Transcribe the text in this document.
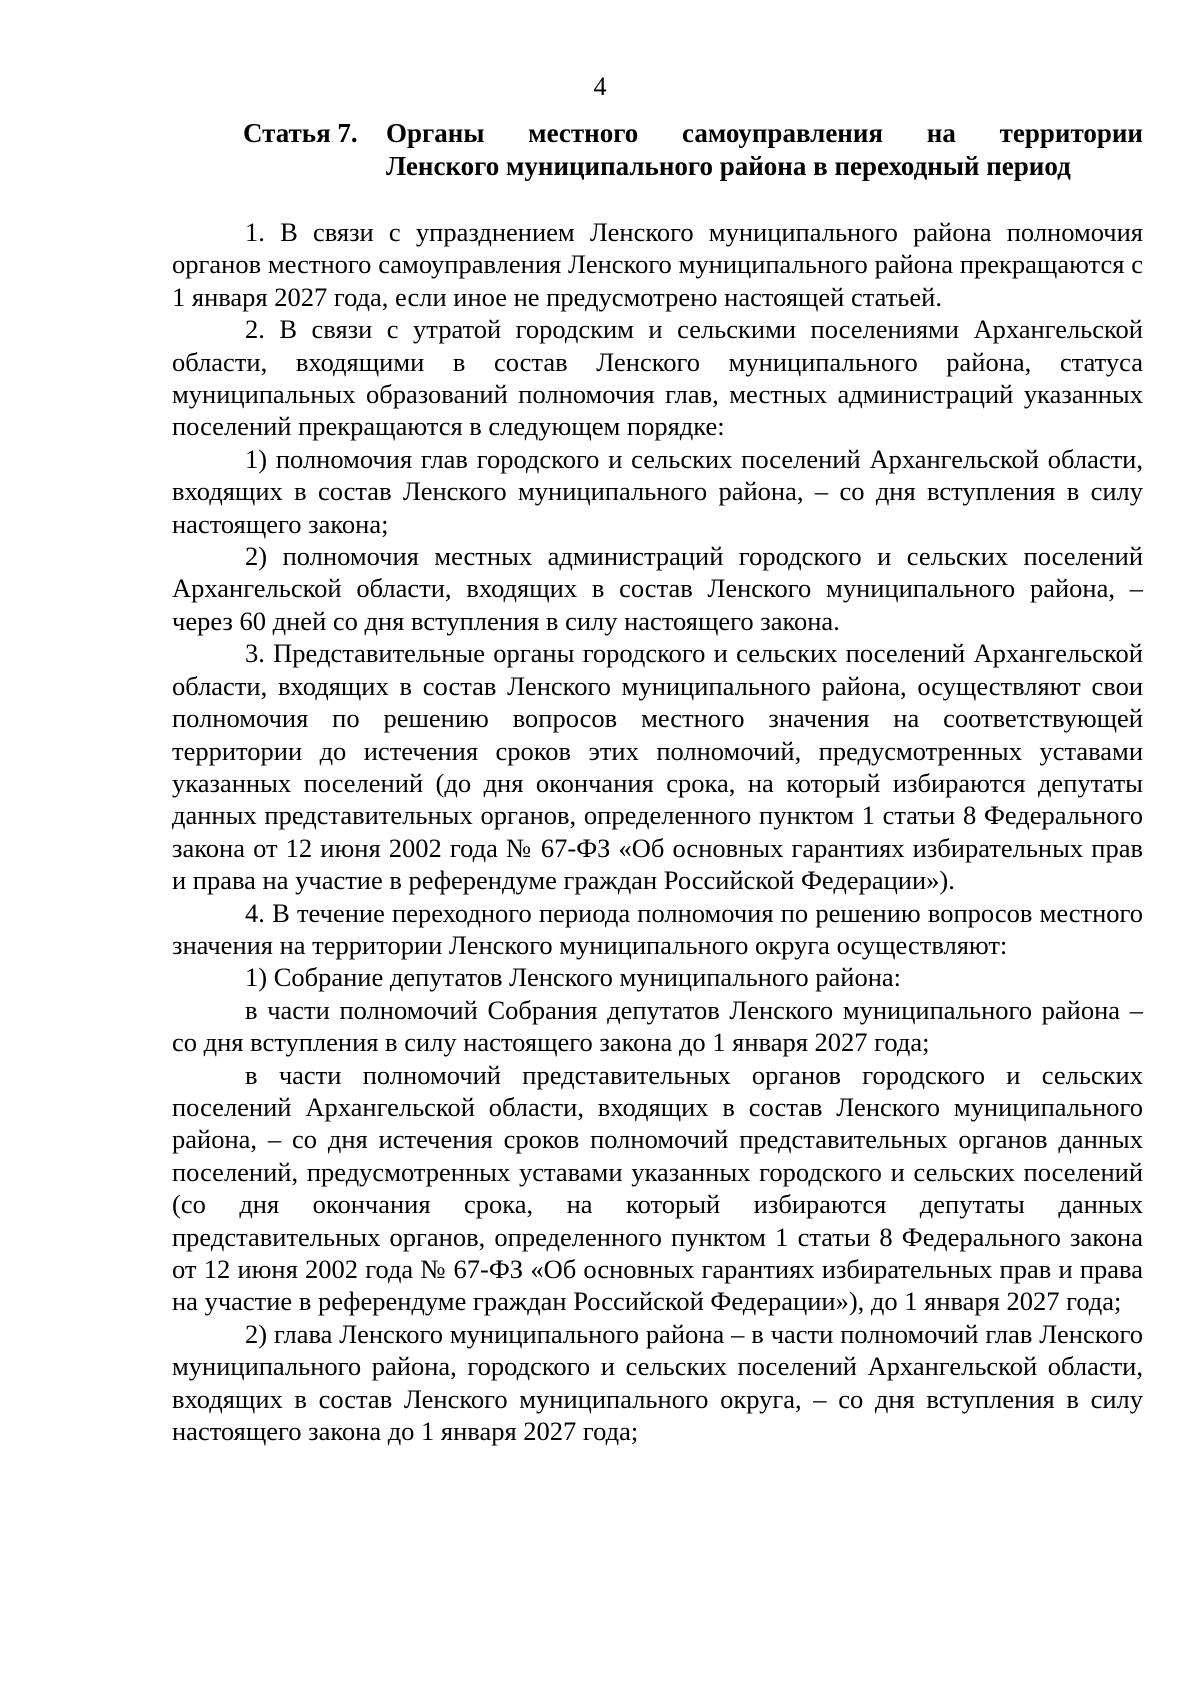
4
Статья 7.	Органы местного самоуправления на территории
Ленского муниципального района в переходный период

1. В связи с упразднением Ленского муниципального района полномочия органов местного самоуправления Ленского муниципального района прекращаются с 1 января 2027 года, если иное не предусмотрено настоящей статьей.

2. В связи с утратой городским и сельскими поселениями Архангельской области, входящими в состав Ленского муниципального района, статуса муниципальных образований полномочия глав, местных администраций указанных поселений прекращаются в следующем порядке:

1) полномочия глав городского и сельских поселений Архангельской области, входящих в состав Ленского муниципального района, – со дня вступления в силу настоящего закона;

2) полномочия местных администраций городского и сельских поселений Архангельской области, входящих в состав Ленского муниципального района, – через 60 дней со дня вступления в силу настоящего закона.

3. Представительные органы городского и сельских поселений Архангельской области, входящих в состав Ленского муниципального района, осуществляют свои полномочия по решению вопросов местного значения на соответствующей территории до истечения сроков этих полномочий, предусмотренных уставами указанных поселений (до дня окончания срока, на который избираются депутаты данных представительных органов, определенного пунктом 1 статьи 8 Федерального закона от 12 июня 2002 года № 67-ФЗ «Об основных гарантиях избирательных прав и права на участие в референдуме граждан Российской Федерации»).

4. В течение переходного периода полномочия по решению вопросов местного значения на территории Ленского муниципального округа осуществляют:

1) Собрание депутатов Ленского муниципального района:

в части полномочий Собрания депутатов Ленского муниципального района – со дня вступления в силу настоящего закона до 1 января 2027 года;

в части полномочий представительных органов городского и сельских поселений Архангельской области, входящих в состав Ленского муниципального района, – со дня истечения сроков полномочий представительных органов данных поселений, предусмотренных уставами указанных городского и сельских поселений (со дня окончания срока, на который избираются депутаты данных представительных органов, определенного пунктом 1 статьи 8 Федерального закона от 12 июня 2002 года № 67-ФЗ «Об основных гарантиях избирательных прав и права на участие в референдуме граждан Российской Федерации»), до 1 января 2027 года;

2) глава Ленского муниципального района – в части полномочий глав Ленского муниципального района, городского и сельских поселений Архангельской области, входящих в состав Ленского муниципального округа, – со дня вступления в силу настоящего закона до 1 января 2027 года;
